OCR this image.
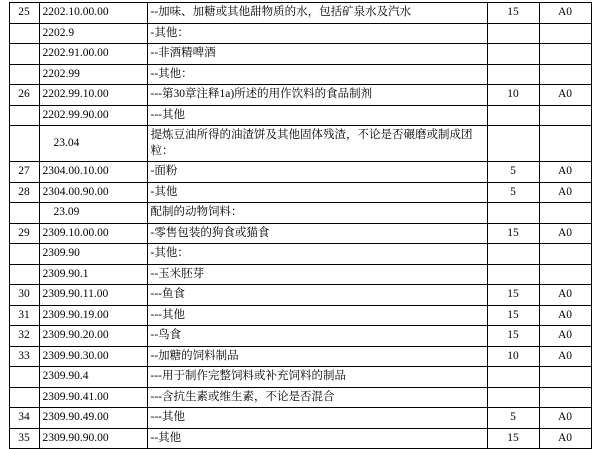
25	2202.10.00.00	--加味、加糖或其他甜物质的水，包括矿泉水及汽水	15	A0
	2202.9	-其他：		

	2202.91.00.00	--非酒精啤酒		

	2202.99	--其他：		

26	2202.99.10.00	---第30章注释1a)所述的用作饮料的食品制剂	10	A0
	2202.99.90.00	---其他		

	23.04	提炼豆油所得的油渣饼及其他固体残渣，不论是否碾磨或制成团粒：		

27	2304.00.10.00	-面粉	5	A0
28	2304.00.90.00	-其他	5	A0
	23.09	配制的动物饲料：		

29	2309.10.00.00	-零售包装的狗食或猫食	15	A0
	2309.90	-其他：		

	2309.90.1	--玉米胚芽		

30	2309.90.11.00	---鱼食	15	A0
31	2309.90.19.00	---其他	15	A0
32	2309.90.20.00	--鸟食	15	A0
33	2309.90.30.00	--加糖的饲料制品	10	A0
	2309.90.4	---用于制作完整饲料或补充饲料的制品		

	2309.90.41.00	---含抗生素或维生素，不论是否混合		

34	2309.90.49.00	---其他	5	A0
35	2309.90.90.00	--其他	15	A0
